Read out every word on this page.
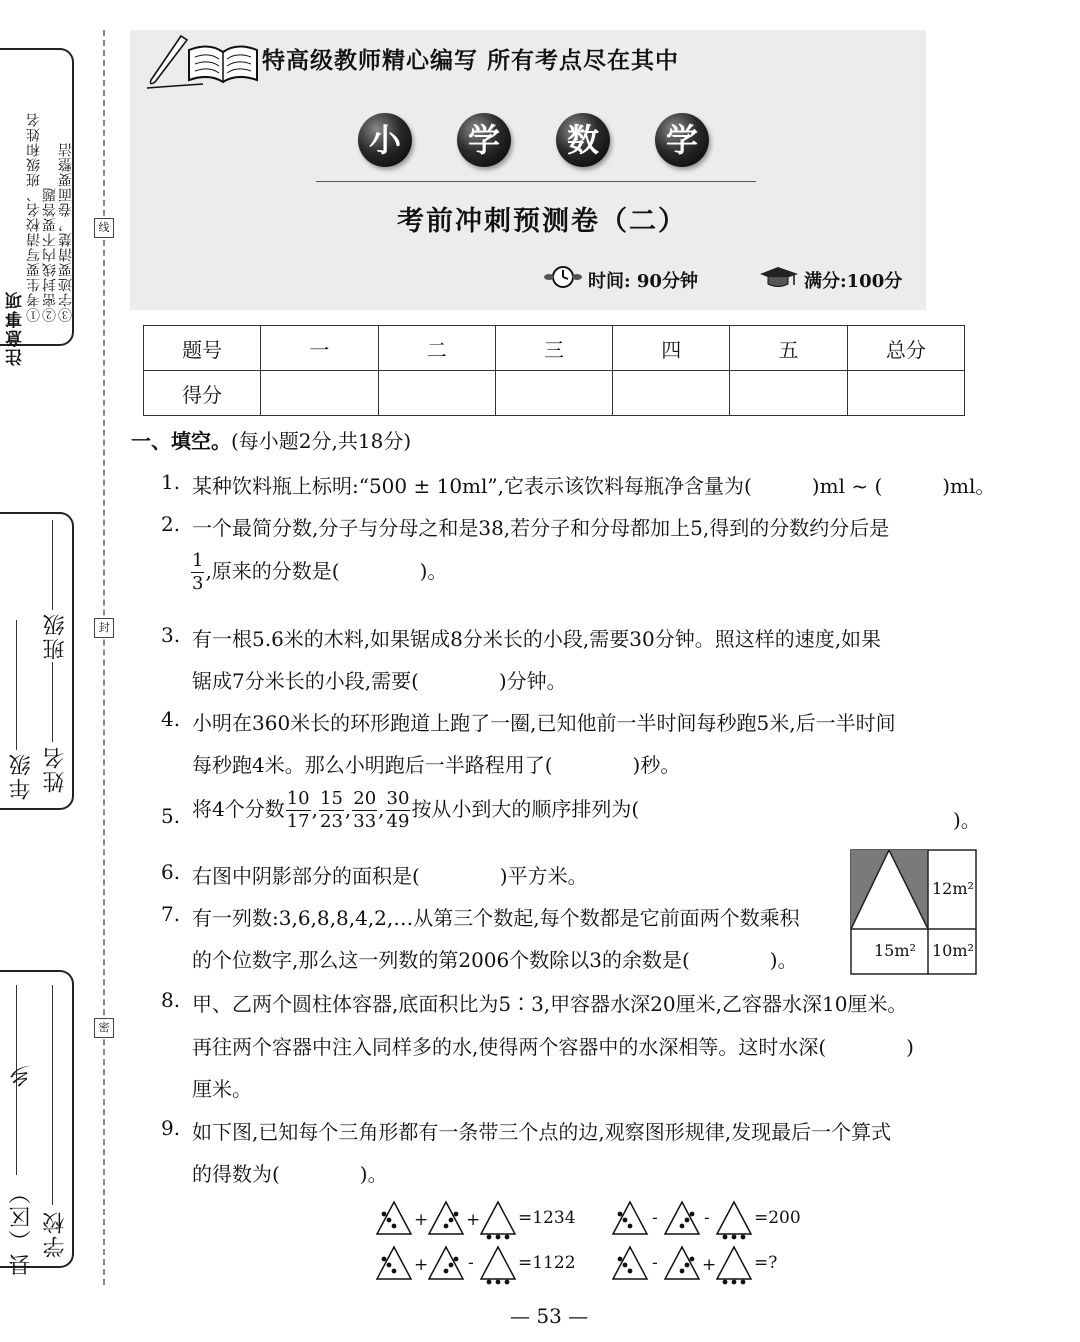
注意事项
①考生要写清校名、班级和姓名 ②密封线内不要答题 ③字迹要清楚，卷面要整洁
年级
班级
姓名
县（区）
乡
学校
线
封
密
特高级教师精心编写 所有考点尽在其中
小	学	数	学
考前冲刺预测卷（二）
时间: 90分钟	满分:100分
题号	一	二	三	四	五	总分
得分						
一、填空。(每小题2分,共18分)
1. 某种饮料瓶上标明:“500 ± 10ml”,它表示该饮料每瓶净含量为(　　　)ml ~ (　　　)ml。
2. 一个最简分数,分子与分母之和是38,若分子和分母都加上5,得到的分数约分后是
$\frac{1}{3}$ ,原来的分数是(　　　　)。
3. 有一根5.6米的木料,如果锯成8分米长的小段,需要30分钟。照这样的速度,如果
锯成7分米长的小段,需要(　　　　)分钟。
4. 小明在360米长的环形跑道上跑了一圈,已知他前一半时间每秒跑5米,后一半时间
每秒跑4米。那么小明跑后一半路程用了(　　　　)秒。
5. 将4个分数 $\frac{10}{17}$ , $\frac{15}{23}$ , $\frac{20}{33}$ , $\frac{30}{49}$ 按从小到大的顺序排列为(	)。
6. 右图中阴影部分的面积是(　　　　)平方米。
12m²
15m² 10m²
7. 有一列数:3,6,8,8,4,2,…从第三个数起,每个数都是它前面两个数乘积
的个位数字,那么这一列数的第2006个数除以3的余数是(　　　　)。
8. 甲、乙两个圆柱体容器,底面积比为5∶3,甲容器水深20厘米,乙容器水深10厘米。
再往两个容器中注入同样多的水,使得两个容器中的水深相等。这时水深(　　　　)
厘米。
9. 如下图,已知每个三角形都有一条带三个点的边,观察图形规律,发现最后一个算式
的得数为(　　　　)。
+ + =1234	-	-	=200
+ -	=1122	-	+ =?
— 53 —
